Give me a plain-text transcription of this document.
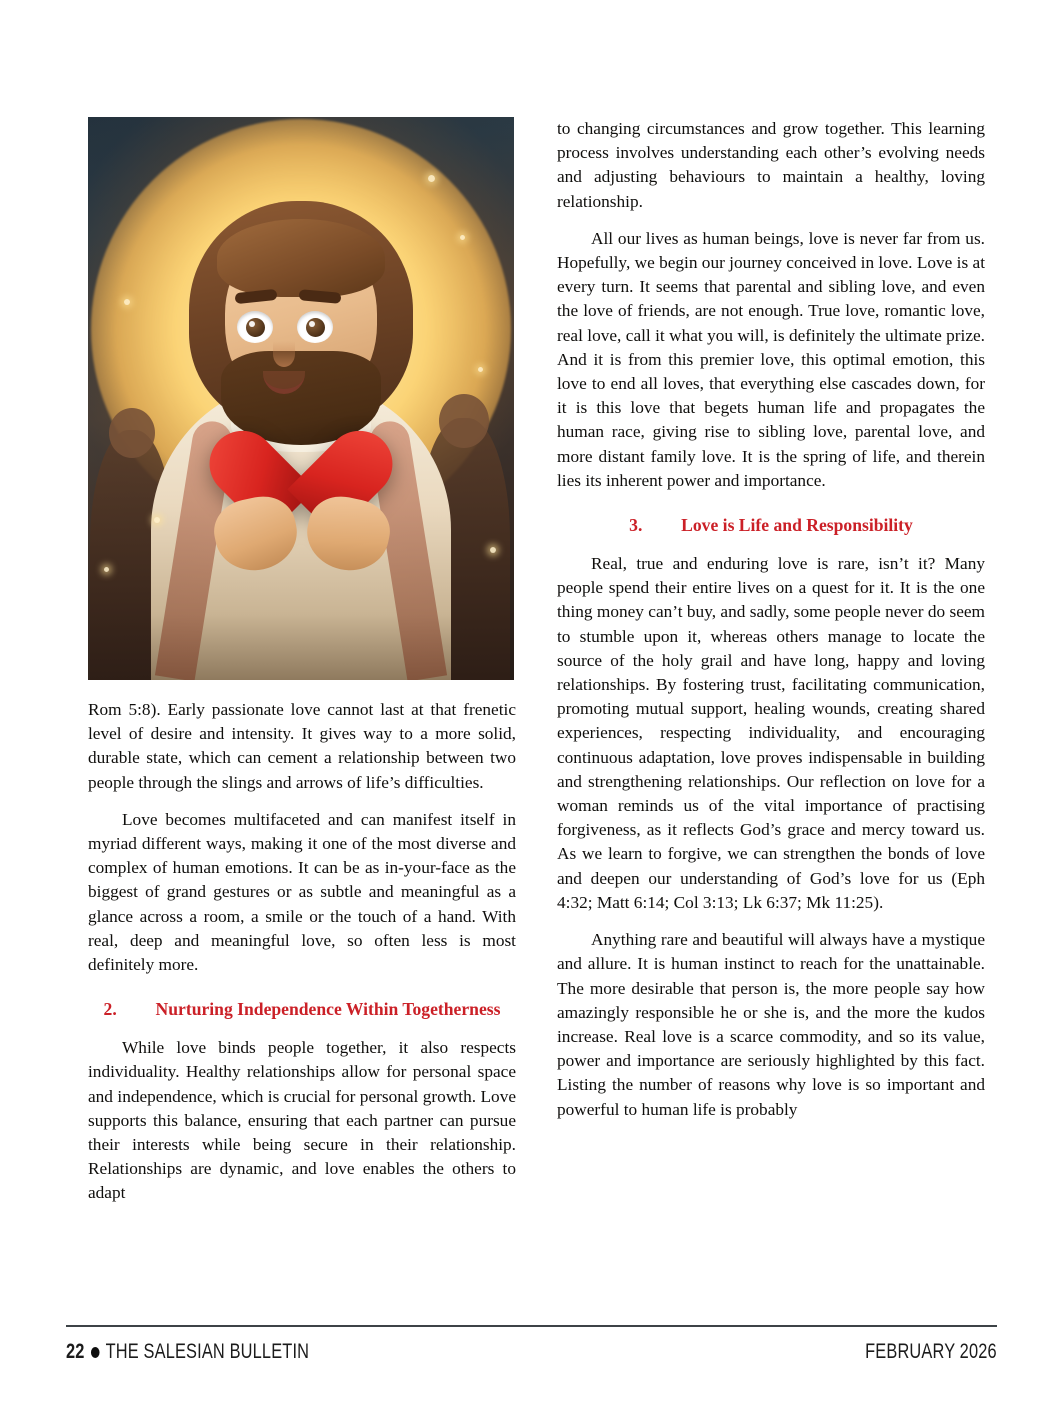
Rom 5:8). Early passionate love cannot last at that frenetic level of desire and intensity. It gives way to a more solid, durable state, which can cement a relationship between two people through the slings and arrows of life’s difficulties.

Love becomes multifaceted and can manifest itself in myriad different ways, making it one of the most diverse and complex of human emotions. It can be as in-your-face as the biggest of grand gestures or as subtle and meaningful as a glance across a room, a smile or the touch of a hand. With real, deep and meaningful love, so often less is most definitely more.

2. Nurturing Independence Within Togetherness

While love binds people together, it also respects individuality. Healthy relationships allow for personal space and independence, which is crucial for personal growth. Love supports this balance, ensuring that each partner can pursue their interests while being secure in their relationship. Relationships are dynamic, and love enables the others to adapt

to changing circumstances and grow together. This learning process involves understanding each other’s evolving needs and adjusting behaviours to maintain a healthy, loving relationship.

All our lives as human beings, love is never far from us. Hopefully, we begin our journey conceived in love. Love is at every turn. It seems that parental and sibling love, and even the love of friends, are not enough. True love, romantic love, real love, call it what you will, is definitely the ultimate prize. And it is from this premier love, this optimal emotion, this love to end all loves, that everything else cascades down, for it is this love that begets human life and propagates the human race, giving rise to sibling love, parental love, and more distant family love. It is the spring of life, and therein lies its inherent power and importance.

3. Love is Life and Responsibility

Real, true and enduring love is rare, isn’t it? Many people spend their entire lives on a quest for it. It is the one thing money can’t buy, and sadly, some people never do seem to stumble upon it, whereas others manage to locate the source of the holy grail and have long, happy and loving relationships. By fostering trust, facilitating communication, promoting mutual support, healing wounds, creating shared experiences, respecting individuality, and encouraging continuous adaptation, love proves indispensable in building and strengthening relationships. Our reflection on love for a woman reminds us of the vital importance of practising forgiveness, as it reflects God’s grace and mercy toward us. As we learn to forgive, we can strengthen the bonds of love and deepen our understanding of God’s love for us (Eph 4:32; Matt 6:14; Col 3:13; Lk 6:37; Mk 11:25).

Anything rare and beautiful will always have a mystique and allure. It is human instinct to reach for the unattainable. The more desirable that person is, the more people say how amazingly responsible he or she is, and the more the kudos increase. Real love is a scarce commodity, and so its value, power and importance are seriously highlighted by this fact. Listing the number of reasons why love is so important and powerful to human life is probably

22 THE SALESIAN BULLETIN	FEBRUARY 2026
